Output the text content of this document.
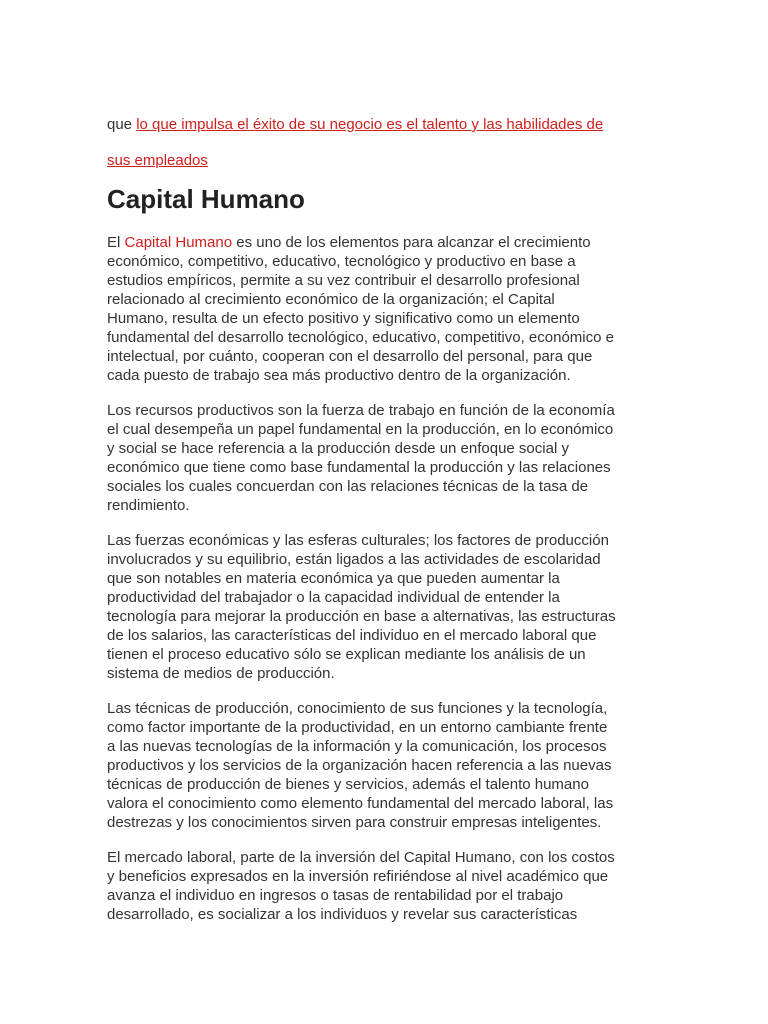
que lo que impulsa el éxito de su negocio es el talento y las habilidades de
sus empleados
Capital Humano

El Capital Humano es uno de los elementos para alcanzar el crecimiento
económico, competitivo, educativo, tecnológico y productivo en base a
estudios empíricos, permite a su vez contribuir el desarrollo profesional
relacionado al crecimiento económico de la organización; el Capital
Humano, resulta de un efecto positivo y significativo como un elemento
fundamental del desarrollo tecnológico, educativo, competitivo, económico e
intelectual, por cuánto, cooperan con el desarrollo del personal, para que
cada puesto de trabajo sea más productivo dentro de la organización.

Los recursos productivos son la fuerza de trabajo en función de la economía
el cual desempeña un papel fundamental en la producción, en lo económico
y social se hace referencia a la producción desde un enfoque social y
económico que tiene como base fundamental la producción y las relaciones
sociales los cuales concuerdan con las relaciones técnicas de la tasa de
rendimiento.

Las fuerzas económicas y las esferas culturales; los factores de producción
involucrados y su equilibrio, están ligados a las actividades de escolaridad
que son notables en materia económica ya que pueden aumentar la
productividad del trabajador o la capacidad individual de entender la
tecnología para mejorar la producción en base a alternativas, las estructuras
de los salarios, las características del individuo en el mercado laboral que
tienen el proceso educativo sólo se explican mediante los análisis de un
sistema de medios de producción.

Las técnicas de producción, conocimiento de sus funciones y la tecnología,
como factor importante de la productividad, en un entorno cambiante frente
a las nuevas tecnologías de la información y la comunicación, los procesos
productivos y los servicios de la organización hacen referencia a las nuevas
técnicas de producción de bienes y servicios, además el talento humano
valora el conocimiento como elemento fundamental del mercado laboral, las
destrezas y los conocimientos sirven para construir empresas inteligentes.

El mercado laboral, parte de la inversión del Capital Humano, con los costos
y beneficios expresados en la inversión refiriéndose al nivel académico que
avanza el individuo en ingresos o tasas de rentabilidad por el trabajo
desarrollado, es socializar a los individuos y revelar sus características
